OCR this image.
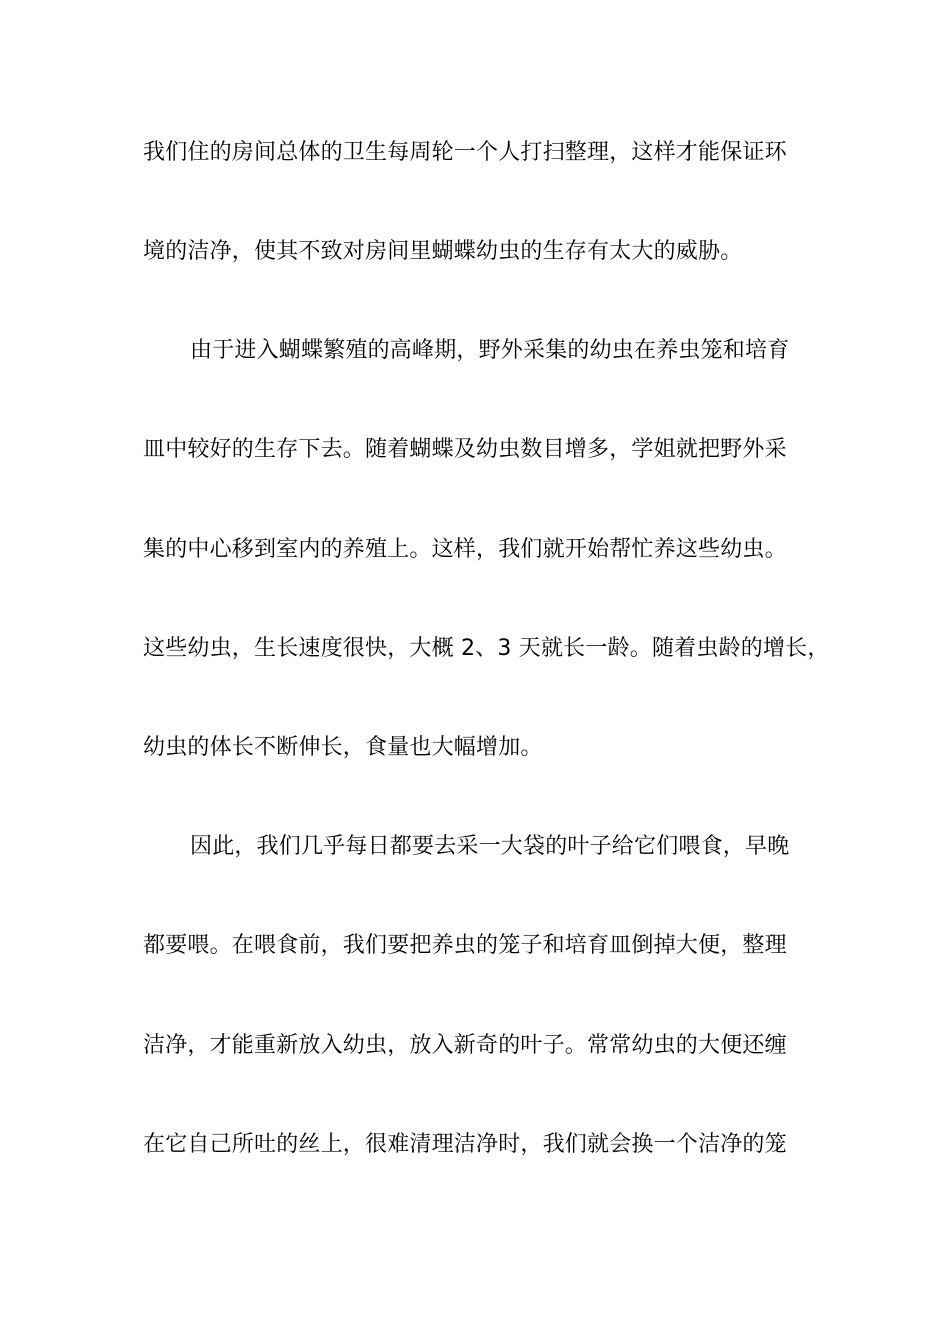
我们住的房间总体的卫生每周轮一个人打扫整理，这样才能保证环
境的洁净，使其不致对房间里蝴蝶幼虫的生存有太大的威胁。
由于进入蝴蝶繁殖的高峰期，野外采集的幼虫在养虫笼和培育
皿中较好的生存下去。随着蝴蝶及幼虫数目增多，学姐就把野外采
集的中心移到室内的养殖上。这样，我们就开始帮忙养这些幼虫。
这些幼虫，生长速度很快，大概 2、3 天就长一龄。随着虫龄的增长，
幼虫的体长不断伸长，食量也大幅增加。
因此，我们几乎每日都要去采一大袋的叶子给它们喂食，早晚
都要喂。在喂食前，我们要把养虫的笼子和培育皿倒掉大便，整理
洁净，才能重新放入幼虫，放入新奇的叶子。常常幼虫的大便还缠
在它自己所吐的丝上，很难清理洁净时，我们就会换一个洁净的笼
